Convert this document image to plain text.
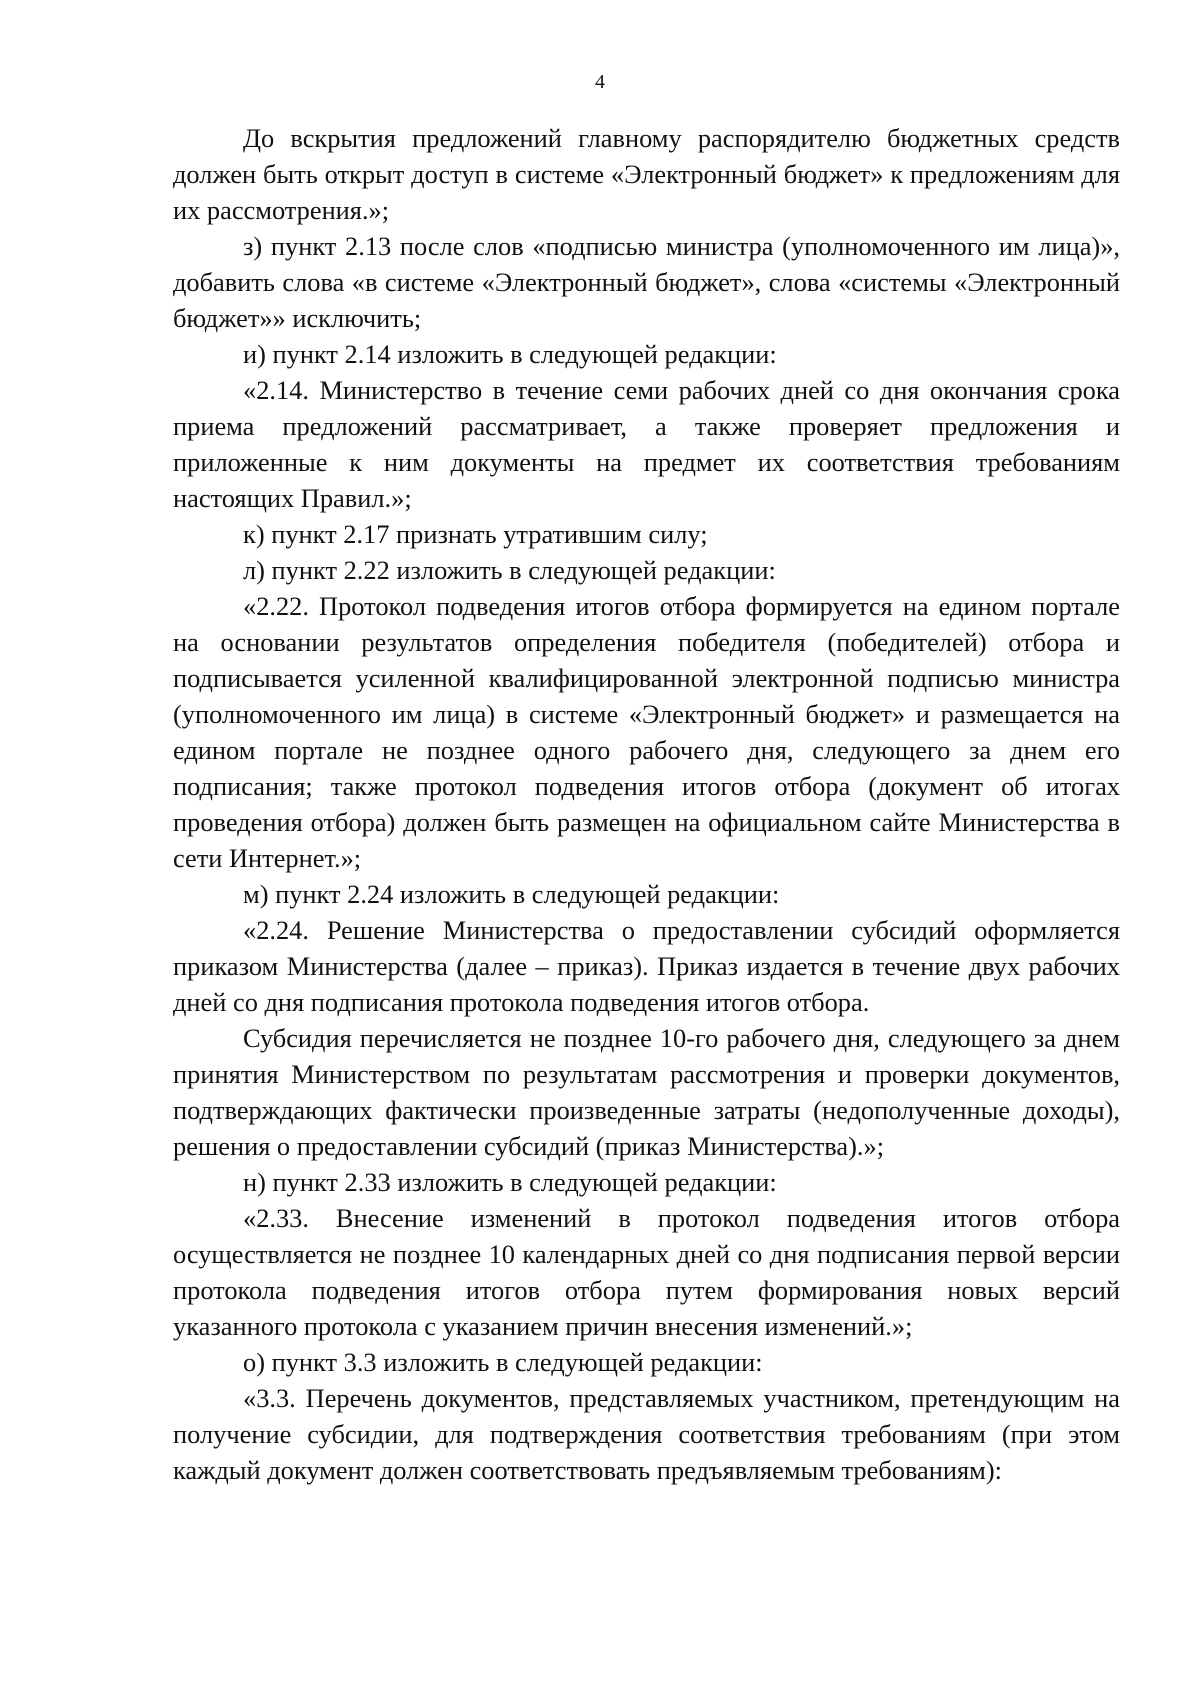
4

До вскрытия предложений главному распорядителю бюджетных средств должен быть открыт доступ в системе «Электронный бюджет» к предложениям для их рассмотрения.»;

з) пункт 2.13 после слов «подписью министра (уполномоченного им лица)», добавить слова «в системе «Электронный бюджет», слова «системы «Электронный бюджет»» исключить;

и) пункт 2.14 изложить в следующей редакции:

«2.14. Министерство в течение семи рабочих дней со дня окончания срока приема предложений рассматривает, а также проверяет предложения и приложенные к ним документы на предмет их соответствия требованиям настоящих Правил.»;

к) пункт 2.17 признать утратившим силу;

л) пункт 2.22 изложить в следующей редакции:

«2.22. Протокол подведения итогов отбора формируется на едином портале на основании результатов определения победителя (победителей) отбора и подписывается усиленной квалифицированной электронной подписью министра (уполномоченного им лица) в системе «Электронный бюджет» и размещается на едином портале не позднее одного рабочего дня, следующего за днем его подписания; также протокол подведения итогов отбора (документ об итогах проведения отбора) должен быть размещен на официальном сайте Министерства в сети Интернет.»;

м) пункт 2.24 изложить в следующей редакции:

«2.24. Решение Министерства о предоставлении субсидий оформляется приказом Министерства (далее – приказ). Приказ издается в течение двух рабочих дней со дня подписания протокола подведения итогов отбора.

Субсидия перечисляется не позднее 10-го рабочего дня, следующего за днем принятия Министерством по результатам рассмотрения и проверки документов, подтверждающих фактически произведенные затраты (недополученные доходы), решения о предоставлении субсидий (приказ Министерства).»;

н) пункт 2.33 изложить в следующей редакции:

«2.33. Внесение изменений в протокол подведения итогов отбора осуществляется не позднее 10 календарных дней со дня подписания первой версии протокола подведения итогов отбора путем формирования новых версий указанного протокола с указанием причин внесения изменений.»;

о) пункт 3.3 изложить в следующей редакции:

«3.3. Перечень документов, представляемых участником, претендующим на получение субсидии, для подтверждения соответствия требованиям (при этом каждый документ должен соответствовать предъявляемым требованиям):
